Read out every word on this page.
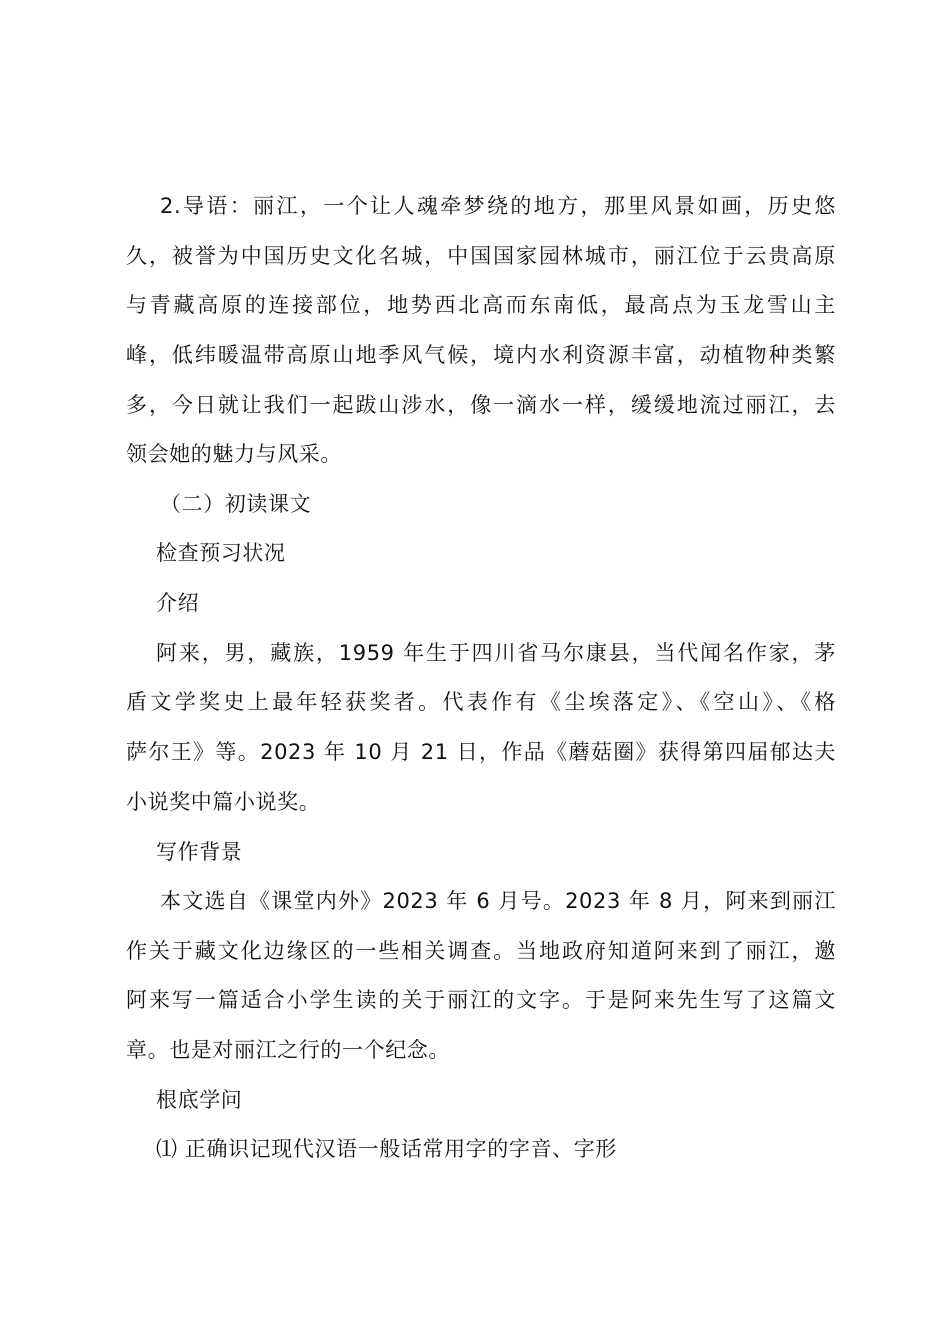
2.导语：丽江，一个让人魂牵梦绕的地方，那里风景如画，历史悠
久，被誉为中国历史文化名城，中国国家园林城市，丽江位于云贵高原
与青藏高原的连接部位，地势西北高而东南低，最高点为玉龙雪山主
峰，低纬暖温带高原山地季风气候，境内水利资源丰富，动植物种类繁
多，今日就让我们一起跋山涉水，像一滴水一样，缓缓地流过丽江，去
领会她的魅力与风采。
（二）初读课文
检查预习状况
介绍
阿来，男，藏族，1959 年生于四川省马尔康县，当代闻名作家，茅
盾文学奖史上最年轻获奖者。代表作有《尘埃落定》、《空山》、《格
萨尔王》等。2023 年 10 月 21 日，作品《蘑菇圈》获得第四届郁达夫
小说奖中篇小说奖。
写作背景
本文选自《课堂内外》2023 年 6 月号。2023 年 8 月，阿来到丽江
作关于藏文化边缘区的一些相关调查。当地政府知道阿来到了丽江，邀
阿来写一篇适合小学生读的关于丽江的文字。于是阿来先生写了这篇文
章。也是对丽江之行的一个纪念。
根底学问
⑴ 正确识记现代汉语一般话常用字的字音、字形
